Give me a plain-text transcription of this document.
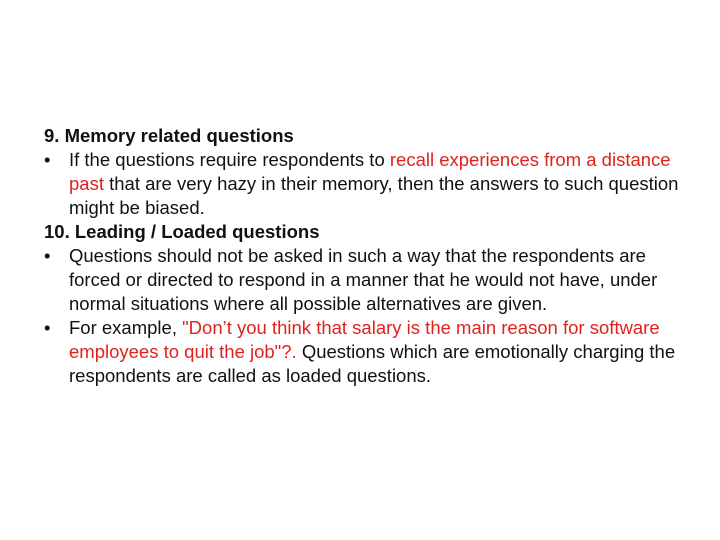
9. Memory related questions

• If the questions require respondents to recall experiences from a distance past that are very hazy in their memory, then the answers to such question might be biased.

10. Leading / Loaded questions

• Questions should not be asked in such a way that the respondents are forced or directed to respond in a manner that he would not have, under normal situations where all possible alternatives are given.

• For example, "Don’t you think that salary is the main reason for software employees to quit the job"?. Questions which are emotionally charging the respondents are called as loaded questions.
